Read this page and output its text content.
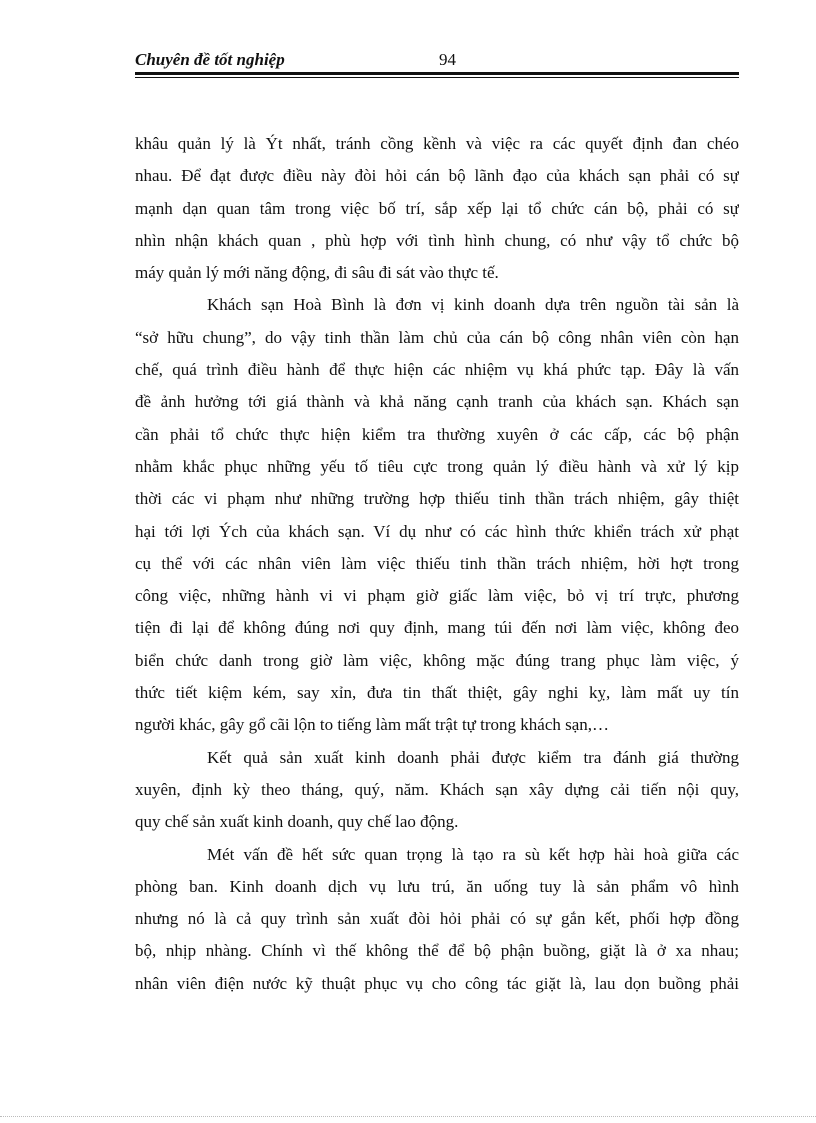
Chuyên đề tốt nghiệp	94
khâu quản lý là Ýt nhất, tránh cồng kềnh và việc ra các quyết định đan chéo
nhau. Để đạt được điều này đòi hỏi cán bộ lãnh đạo của khách sạn phải có sự
mạnh dạn quan tâm trong việc bố trí, sắp xếp lại tổ chức cán bộ, phải có sự
nhìn nhận khách quan , phù hợp với tình hình chung, có như vậy tổ chức bộ
máy quản lý mới năng động, đi sâu đi sát vào thực tế.
Khách sạn Hoà Bình là đơn vị kinh doanh dựa trên nguồn tài sản là
“sở hữu chung”, do vậy tinh thần làm chủ của cán bộ công nhân viên còn hạn
chế, quá trình điều hành để thực hiện các nhiệm vụ khá phức tạp. Đây là vấn
đề ảnh hưởng tới giá thành và khả năng cạnh tranh của khách sạn. Khách sạn
cần phải tổ chức thực hiện kiểm tra thường xuyên ở các cấp, các bộ phận
nhằm khắc phục những yếu tố tiêu cực trong quản lý điều hành và xử lý kịp
thời các vi phạm như những trường hợp thiếu tinh thần trách nhiệm, gây thiệt
hại tới lợi Ých của khách sạn. Ví dụ như có các hình thức khiển trách xử phạt
cụ thể với các nhân viên làm việc thiếu tinh thần trách nhiệm, hời hợt trong
công việc, những hành vi vi phạm giờ giấc làm việc, bỏ vị trí trực, phương
tiện đi lại để không đúng nơi quy định, mang túi đến nơi làm việc, không đeo
biển chức danh trong giờ làm việc, không mặc đúng trang phục làm việc, ý
thức tiết kiệm kém, say xỉn, đưa tin thất thiệt, gây nghi kỵ, làm mất uy tín
người khác, gây gổ cãi lộn to tiếng làm mất trật tự trong khách sạn,…
Kết quả sản xuất kinh doanh phải được kiểm tra đánh giá thường
xuyên, định kỳ theo tháng, quý, năm. Khách sạn xây dựng cải tiến nội quy,
quy chế sản xuất kinh doanh, quy chế lao động.
Mét vấn đề hết sức quan trọng là tạo ra sù kết hợp hài hoà giữa các
phòng ban. Kinh doanh dịch vụ lưu trú, ăn uống tuy là sản phẩm vô hình
nhưng nó là cả quy trình sản xuất đòi hỏi phải có sự gắn kết, phối hợp đồng
bộ, nhịp nhàng. Chính vì thế không thể để bộ phận buồng, giặt là ở xa nhau;
nhân viên điện nước kỹ thuật phục vụ cho công tác giặt là, lau dọn buồng phải
